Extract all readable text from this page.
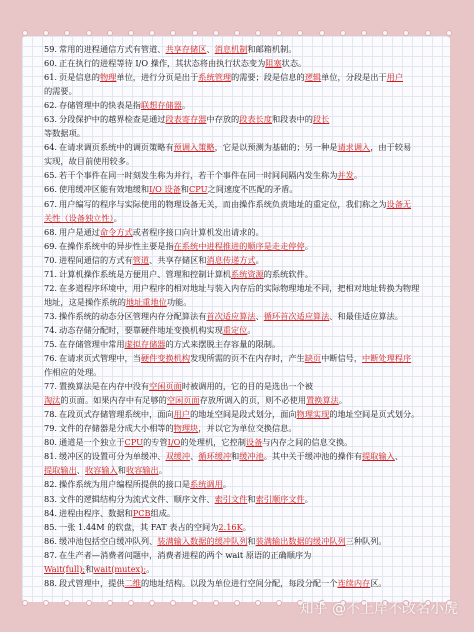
59. 常用的进程通信方式有管道、共享存储区、消息机制和邮箱机制。
60. 正在执行的进程等待 I/O 操作，其状态将由执行状态变为阻塞状态。
61. 页是信息的物理单位，进行分页是出于系统管理的需要；段是信息的逻辑单位，分段是出于用户
的需要。
62. 存储管理中的快表是指联想存储器。
63. 分段保护中的越界检查是通过段表寄存器中存放的段表长度和段表中的段长
等数据项。
64. 在请求调页系统中的调页策略有预调入策略，它是以预测为基础的；另一种是请求调入，由于较易
实现，故目前使用较多。
65. 若干个事件在同一时刻发生称为并行，若干个事件在同一时间间隔内发生称为并发。
66. 使用缓冲区能有效地缓和I/O 设备和CPU之间速度不匹配的矛盾。
67. 用户编写的程序与实际使用的物理设备无关，而由操作系统负责地址的重定位，我们称之为设备无
关性（设备独立性）。
68. 用户是通过命令方式或者程序接口向计算机发出请求的。
69. 在操作系统中的异步性主要是指在系统中进程推进的顺序是走走停停。
70. 进程间通信的方式有管道、共享存储区和消息传递方式。
71. 计算机操作系统是方便用户、管理和控制计算机系统资源的系统软件。
72. 在多道程序环境中，用户程序的相对地址与装入内存后的实际物理地址不同，把相对地址转换为物理
地址，这是操作系统的地址重地位功能。
73. 操作系统的动态分区管理内存分配算法有首次适应算法、循环首次适应算法、和最佳适应算法。
74. 动态存储分配时，要靠硬件地址变换机构实现重定位。
75. 在存储管理中常用虚拟存储器的方式来摆脱主存容量的限制。
76. 在请求页式管理中，当硬件变换机构发现所需的页不在内存时，产生缺页中断信号，中断处理程序
作相应的处理。
77. 置换算法是在内存中没有空闲页面时被调用的，它的目的是选出一个被
淘汰的页面。如果内存中有足够的空闲页面存放所调入的页，则不必使用置换算法。
78. 在段页式存储管理系统中，面向用户的地址空间是段式划分，面向物理实现的地址空间是页式划分。
79. 文件的存储器是分成大小相等的物理块，并以它为单位交换信息。
80. 通道是一个独立于CPU的专管I/O的处理机，它控制设备与内存之间的信息交换。
81. 缓冲区的设置可分为单缓冲、双缓冲、循环缓冲和缓冲池。其中关于缓冲池的操作有提取输入、
提取输出、收容输入和收容输出。
82. 操作系统为用户编程所提供的接口是系统调用。
83. 文件的逻辑结构分为流式文件、顺序文件、索引文件和索引顺序文件。
84. 进程由程序、数据和PCB组成。
85. 一张 1.44M 的软盘，其 FAT 表占的空间为2.16K。
86. 缓冲池包括空白缓冲队列、装满输入数据的缓冲队列和装满输出数据的缓冲队列三种队列。
87. 在生产者—消费者问题中，消费者进程的两个 wait 原语的正确顺序为
Wait(full);和wait(mutex);。
88. 段式管理中，提供二维的地址结构。以段为单位进行空间分配，每段分配一个连续内存区。
知乎 @不上岸不改名小虎
